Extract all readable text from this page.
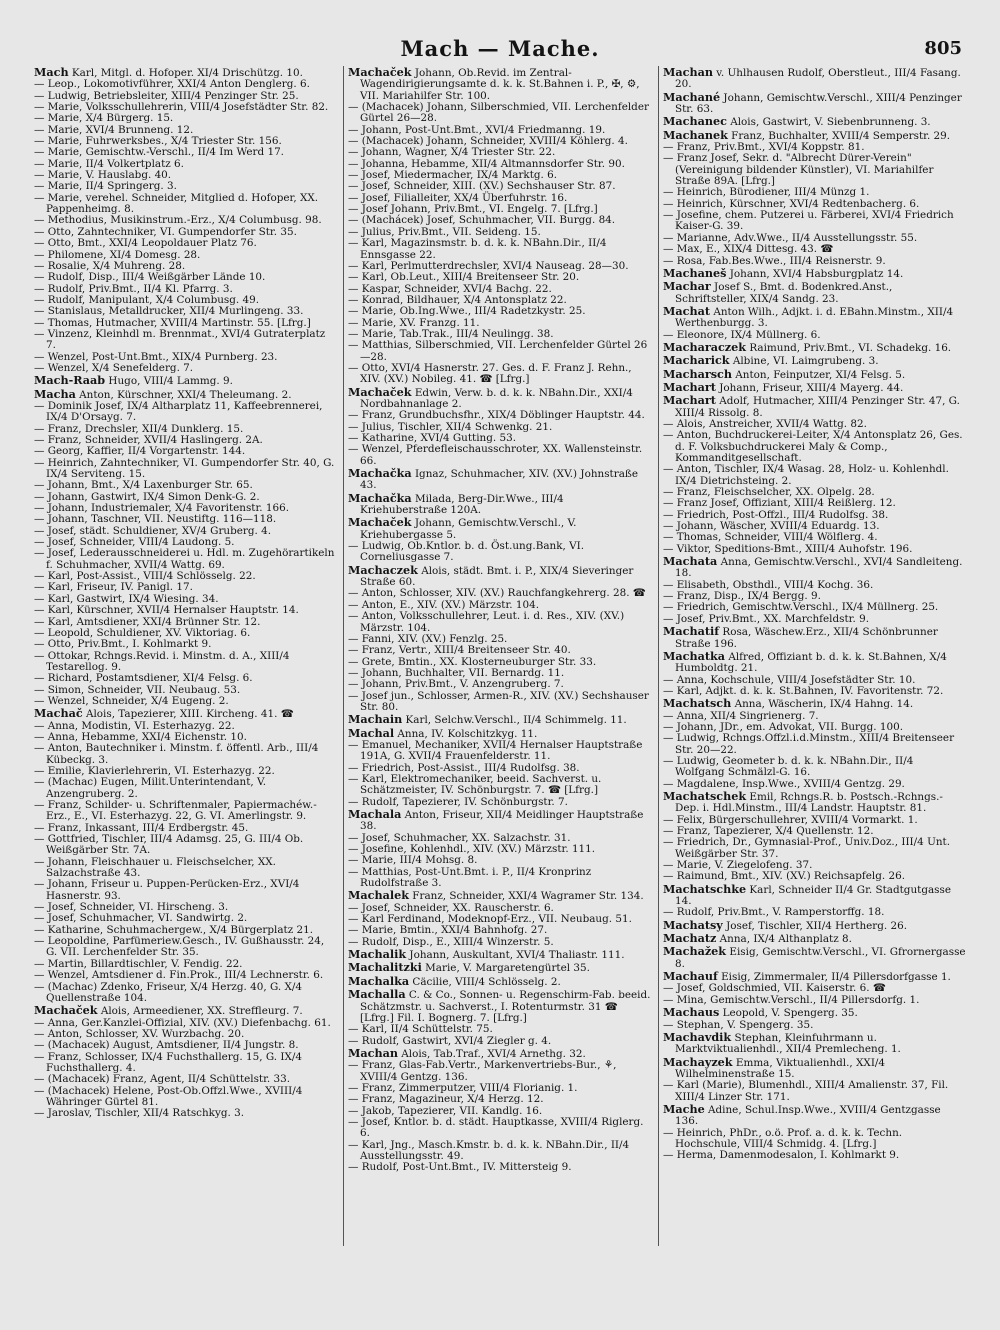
Mach — Mache.	805

Mach Karl, Mitgl. d. Hofoper. XI/4 Drischützg. 10.

— Leop., Lokomotivführer, XXI/4 Anton Denglerg. 6.

— Ludwig, Betriebsleiter, XIII/4 Penzinger Str. 25.

— Marie, Volksschullehrerin, VIII/4 Josefstädter Str. 82.

— Marie, X/4 Bürgerg. 15.

— Marie, XVI/4 Brunneng. 12.

— Marie, Fuhrwerksbes., X/4 Triester Str. 156.

— Marie, Gemischtw.-Verschl., II/4 Im Werd 17.

— Marie, II/4 Volkertplatz 6.

— Marie, V. Hauslabg. 40.

— Marie, II/4 Springerg. 3.

— Marie, verehel. Schneider, Mitglied d. Hofoper, XX. Pappenheimg. 8.

— Methodius, Musikinstrum.-Erz., X/4 Columbusg. 98.

— Otto, Zahntechniker, VI. Gumpendorfer Str. 35.

— Otto, Bmt., XXI/4 Leopoldauer Platz 76.

— Philomene, XI/4 Domesg. 28.

— Rosalie, X/4 Muhreng. 28.

— Rudolf, Disp., III/4 Weißgärber Lände 10.

— Rudolf, Priv.Bmt., II/4 Kl. Pfarrg. 3.

— Rudolf, Manipulant, X/4 Columbusg. 49.

— Stanislaus, Metalldrucker, XII/4 Murlingeng. 33.

— Thomas, Hutmacher, XVIII/4 Martinstr. 55. [Lfrg.]

— Vinzenz, Kleinhdl m. Brennmat., XVI/4 Gutraterplatz 7.

— Wenzel, Post-Unt.Bmt., XIX/4 Purnberg. 23.

— Wenzel, X/4 Senefelderg. 7.

Mach-Raab Hugo, VIII/4 Lammg. 9.

Macha Anton, Kürschner, XXI/4 Theleumang. 2.

— Dominik Josef, IX/4 Altharplatz 11, Kaffeebrennerei, IX/4 D'Orsayg. 7.

— Franz, Drechsler, XII/4 Dunklerg. 15.

— Franz, Schneider, XVII/4 Haslingerg. 2A.

— Georg, Kaffier, II/4 Vorgartenstr. 144.

— Heinrich, Zahntechniker, VI. Gumpendorfer Str. 40, G. IX/4 Serviteng. 15.

— Johann, Bmt., X/4 Laxenburger Str. 65.

— Johann, Gastwirt, IX/4 Simon Denk-G. 2.

— Johann, Industriemaler, X/4 Favoritenstr. 166.

— Johann, Taschner, VII. Neustiftg. 116—118.

— Josef, städt. Schuldiener, XV/4 Gruberg. 4.

— Josef, Schneider, VIII/4 Laudong. 5.

— Josef, Lederausschneiderei u. Hdl. m. Zugehörartikeln f. Schuhmacher, XVII/4 Wattg. 69.

— Karl, Post-Assist., VIII/4 Schlösselg. 22.

— Karl, Friseur, IV. Panigl. 17.

— Karl, Gastwirt, IX/4 Wiesing. 34.

— Karl, Kürschner, XVII/4 Hernalser Hauptstr. 14.

— Karl, Amtsdiener, XXI/4 Brünner Str. 12.

— Leopold, Schuldiener, XV. Viktoriag. 6.

— Otto, Priv.Bmt., I. Kohlmarkt 9.

— Ottokar, Rchngs.Revid. i. Minstm. d. A., XIII/4 Testarellog. 9.

— Richard, Postamtsdiener, XI/4 Felsg. 6.

— Simon, Schneider, VII. Neubaug. 53.

— Wenzel, Schneider, X/4 Eugeng. 2.

Machač Alois, Tapezierer, XIII. Kircheng. 41. ☎

— Anna, Modistin, VI. Esterhazyg. 22.

— Anna, Hebamme, XXI/4 Eichenstr. 10.

— Anton, Bautechniker i. Minstm. f. öffentl. Arb., III/4 Kübeckg. 3.

— Emilie, Klavierlehrerin, VI. Esterhazyg. 22.

— (Machac) Eugen, Milit.Unterintendant, V. Anzengruberg. 2.

— Franz, Schilder- u. Schriftenmaler, Papiermachéw.-Erz., E., VI. Esterhazyg. 22, G. VI. Amerlingstr. 9.

— Franz, Inkassant, III/4 Erdbergstr. 45.

— Gottfried, Tischler, III/4 Adamsg. 25, G. III/4 Ob. Weißgärber Str. 7A.

— Johann, Fleischhauer u. Fleischselcher, XX. Salzachstraße 43.

— Johann, Friseur u. Puppen-Perücken-Erz., XVI/4 Hasnerstr. 93.

— Josef, Schneider, VI. Hirscheng. 3.

— Josef, Schuhmacher, VI. Sandwirtg. 2.

— Katharine, Schuhmachergew., X/4 Bürgerplatz 21.

— Leopoldine, Parfümeriew.Gesch., IV. Gußhausstr. 24, G. VII. Lerchenfelder Str. 35.

— Martin, Billardtischler, V. Fendig. 22.

— Wenzel, Amtsdiener d. Fin.Prok., III/4 Lechnerstr. 6.

— (Machac) Zdenko, Friseur, X/4 Herzg. 40, G. X/4 Quellenstraße 104.

Machaček Alois, Armeediener, XX. Streffleurg. 7.

— Anna, Ger.Kanzlei-Offizial, XIV. (XV.) Diefenbachg. 61.

— Anton, Schlosser, XV. Wurzbachg. 20.

— (Machacek) August, Amtsdiener, II/4 Jungstr. 8.

— Franz, Schlosser, IX/4 Fuchsthallerg. 15, G. IX/4 Fuchsthallerg. 4.

— (Machacek) Franz, Agent, II/4 Schüttelstr. 33.

— (Machacek) Helene, Post-Ob.Offzl.Wwe., XVIII/4 Währinger Gürtel 81.

— Jaroslav, Tischler, XII/4 Ratschkyg. 3.

Machaček Johann, Ob.Revid. im Zentral-Wagendirigierungsamte d. k. k. St.Bahnen i. P., ✠, ⚙, VII. Mariahilfer Str. 100.

— (Machacek) Johann, Silberschmied, VII. Lerchenfelder Gürtel 26—28.

— Johann, Post-Unt.Bmt., XVI/4 Friedmanng. 19.

— (Machacek) Johann, Schneider, XVIII/4 Köhlerg. 4.

— Johann, Wagner, X/4 Triester Str. 22.

— Johanna, Hebamme, XII/4 Altmannsdorfer Str. 90.

— Josef, Miedermacher, IX/4 Marktg. 6.

— Josef, Schneider, XIII. (XV.) Sechshauser Str. 87.

— Josef, Filialleiter, XX/4 Überfuhrstr. 16.

— Josef Johann, Priv.Bmt., VI. Engelg. 7. [Lfrg.]

— (Machácek) Josef, Schuhmacher, VII. Burgg. 84.

— Julius, Priv.Bmt., VII. Seideng. 15.

— Karl, Magazinsmstr. b. d. k. k. NBahn.Dir., II/4 Ennsgasse 22.

— Karl, Perlmutterdrechsler, XVI/4 Nauseag. 28—30.

— Karl, Ob.Leut., XIII/4 Breitenseer Str. 20.

— Kaspar, Schneider, XVI/4 Bachg. 22.

— Konrad, Bildhauer, X/4 Antonsplatz 22.

— Marie, Ob.Ing.Wwe., III/4 Radetzkystr. 25.

— Marie, XV. Franzg. 11.

— Marie, Tab.Trak., III/4 Neulingg. 38.

— Matthias, Silberschmied, VII. Lerchenfelder Gürtel 26—28.

— Otto, XVI/4 Hasnerstr. 27. Ges. d. F. Franz J. Rehn., XIV. (XV.) Nobileg. 41. ☎ [Lfrg.]

Machaček Edwin, Verw. b. d. k. k. NBahn.Dir., XXI/4 Nordbahnanlage 2.

— Franz, Grundbuchsfhr., XIX/4 Döblinger Hauptstr. 44.

— Julius, Tischler, XII/4 Schwenkg. 21.

— Katharine, XVI/4 Gutting. 53.

— Wenzel, Pferdefleischausschroter, XX. Wallensteinstr. 66.

Machačka Ignaz, Schuhmacher, XIV. (XV.) Johnstraße 43.

Machačka Milada, Berg-Dir.Wwe., III/4 Kriehuberstraße 120A.

Machaček Johann, Gemischtw.Verschl., V. Kriehubergasse 5.

— Ludwig, Ob.Kntlor. b. d. Öst.ung.Bank, VI. Corneliusgasse 7.

Machaczek Alois, städt. Bmt. i. P., XIX/4 Sieveringer Straße 60.

— Anton, Schlosser, XIV. (XV.) Rauchfangkehrerg. 28. ☎

— Anton, E., XIV. (XV.) Märzstr. 104.

— Anton, Volksschullehrer, Leut. i. d. Res., XIV. (XV.) Märzstr. 104.

— Fanni, XIV. (XV.) Fenzlg. 25.

— Franz, Vertr., XIII/4 Breitenseer Str. 40.

— Grete, Bmtin., XX. Klosterneuburger Str. 33.

— Johann, Buchhalter, VII. Bernardg. 11.

— Johann, Priv.Bmt., V. Anzengruberg. 7.

— Josef jun., Schlosser, Armen-R., XIV. (XV.) Sechshauser Str. 80.

Machain Karl, Selchw.Verschl., II/4 Schimmelg. 11.

Machal Anna, IV. Kolschitzkyg. 11.

— Emanuel, Mechaniker, XVII/4 Hernalser Hauptstraße 191A, G. XVII/4 Frauenfelderstr. 11.

— Friedrich, Post-Assist., III/4 Rudolfsg. 38.

— Karl, Elektromechaniker, beeid. Sachverst. u. Schätzmeister, IV. Schönburgstr. 7. ☎ [Lfrg.]

— Rudolf, Tapezierer, IV. Schönburgstr. 7.

Machala Anton, Friseur, XII/4 Meidlinger Hauptstraße 38.

— Josef, Schuhmacher, XX. Salzachstr. 31.

— Josefine, Kohlenhdl., XIV. (XV.) Märzstr. 111.

— Marie, III/4 Mohsg. 8.

— Matthias, Post-Unt.Bmt. i. P., II/4 Kronprinz Rudolfstraße 3.

Machalek Franz, Schneider, XXI/4 Wagramer Str. 134.

— Josef, Schneider, XX. Rauscherstr. 6.

— Karl Ferdinand, Modeknopf-Erz., VII. Neubaug. 51.

— Marie, Bmtin., XXI/4 Bahnhofg. 27.

— Rudolf, Disp., E., XIII/4 Winzerstr. 5.

Machalik Johann, Auskultant, XVI/4 Thaliastr. 111.

Machalitzki Marie, V. Margaretengürtel 35.

Machalka Cäcilie, VIII/4 Schlösselg. 2.

Machalla C. & Co., Sonnen- u. Regenschirm-Fab. beeid. Schätzmstr. u. Sachverst., I. Rotenturmstr. 31 ☎ [Lfrg.] Fil. I. Bognerg. 7. [Lfrg.]

— Karl, II/4 Schüttelstr. 75.

— Rudolf, Gastwirt, XVI/4 Ziegler g. 4.

Machan Alois, Tab.Traf., XVI/4 Arnethg. 32.

— Franz, Glas-Fab.Vertr., Markenvertriebs-Bur., ⚘, XVIII/4 Gentzg. 136.

— Franz, Zimmerputzer, VIII/4 Florianig. 1.

— Franz, Magazineur, X/4 Herzg. 12.

— Jakob, Tapezierer, VII. Kandlg. 16.

— Josef, Kntlor. b. d. städt. Hauptkasse, XVIII/4 Riglerg. 6.

— Karl, Jng., Masch.Kmstr. b. d. k. k. NBahn.Dir., II/4 Ausstellungsstr. 49.

— Rudolf, Post-Unt.Bmt., IV. Mittersteig 9.

Machan v. Uhlhausen Rudolf, Oberstleut., III/4 Fasang. 20.

Machané Johann, Gemischtw.Verschl., XIII/4 Penzinger Str. 63.

Machanec Alois, Gastwirt, V. Siebenbrunneng. 3.

Machanek Franz, Buchhalter, XVIII/4 Semperstr. 29.

— Franz, Priv.Bmt., XVI/4 Koppstr. 81.

— Franz Josef, Sekr. d. "Albrecht Dürer-Verein" (Vereinigung bildender Künstler), VI. Mariahilfer Straße 89A. [Lfrg.]

— Heinrich, Bürodiener, III/4 Münzg 1.

— Heinrich, Kürschner, XVI/4 Redtenbacherg. 6.

— Josefine, chem. Putzerei u. Färberei, XVI/4 Friedrich Kaiser-G. 39.

— Marianne, Adv.Wwe., II/4 Ausstellungsstr. 55.

— Max, E., XIX/4 Dittesg. 43. ☎

— Rosa, Fab.Bes.Wwe., III/4 Reisnerstr. 9.

Machaneš Johann, XVI/4 Habsburgplatz 14.

Machar Josef S., Bmt. d. Bodenkred.Anst., Schriftsteller, XIX/4 Sandg. 23.

Machat Anton Wilh., Adjkt. i. d. EBahn.Minstm., XII/4 Werthenburgg. 3.

— Eleonore, IX/4 Müllnerg. 6.

Macharaczek Raimund, Priv.Bmt., VI. Schadekg. 16.

Macharick Albine, VI. Laimgrubeng. 3.

Macharsch Anton, Feinputzer, XI/4 Felsg. 5.

Machart Johann, Friseur, XIII/4 Mayerg. 44.

Machart Adolf, Hutmacher, XIII/4 Penzinger Str. 47, G. XIII/4 Rissolg. 8.

— Alois, Anstreicher, XVII/4 Wattg. 82.

— Anton, Buchdruckerei-Leiter, X/4 Antonsplatz 26, Ges. d. F. Volksbuchdruckerei Maly & Comp., Kommanditgesellschaft.

— Anton, Tischler, IX/4 Wasag. 28, Holz- u. Kohlenhdl. IX/4 Dietrichsteing. 2.

— Franz, Fleischselcher, XX. Olpelg. 28.

— Franz Josef, Offiziant, XIII/4 Reißlerg. 12.

— Friedrich, Post-Offzl., III/4 Rudolfsg. 38.

— Johann, Wäscher, XVIII/4 Eduardg. 13.

— Thomas, Schneider, VIII/4 Wölflerg. 4.

— Viktor, Speditions-Bmt., XIII/4 Auhofstr. 196.

Machata Anna, Gemischtw.Verschl., XVI/4 Sandleiteng. 18.

— Elisabeth, Obsthdl., VIII/4 Kochg. 36.

— Franz, Disp., IX/4 Bergg. 9.

— Friedrich, Gemischtw.Verschl., IX/4 Müllnerg. 25.

— Josef, Priv.Bmt., XX. Marchfeldstr. 9.

Machatif Rosa, Wäschew.Erz., XII/4 Schönbrunner Straße 196.

Machatka Alfred, Offiziant b. d. k. k. St.Bahnen, X/4 Humboldtg. 21.

— Anna, Kochschule, VIII/4 Josefstädter Str. 10.

— Karl, Adjkt. d. k. k. St.Bahnen, IV. Favoritenstr. 72.

Machatsch Anna, Wäscherin, IX/4 Hahng. 14.

— Anna, XII/4 Singrienerg. 7.

— Johann, JDr., em. Advokat, VII. Burgg. 100.

— Ludwig, Rchngs.Offzl.i.d.Minstm., XIII/4 Breitenseer Str. 20—22.

— Ludwig, Geometer b. d. k. k. NBahn.Dir., II/4 Wolfgang Schmälzl-G. 16.

— Magdalene, Insp.Wwe., XVIII/4 Gentzg. 29.

Machatschek Emil, Rchngs.R. b. Postsch.-Rchngs.-Dep. i. Hdl.Minstm., III/4 Landstr. Hauptstr. 81.

— Felix, Bürgerschullehrer, XVIII/4 Vormarkt. 1.

— Franz, Tapezierer, X/4 Quellenstr. 12.

— Friedrich, Dr., Gymnasial-Prof., Univ.Doz., III/4 Unt. Weißgärber Str. 37.

— Marie, V. Ziegelofeng. 37.

— Raimund, Bmt., XIV. (XV.) Reichsapfelg. 26.

Machatschke Karl, Schneider II/4 Gr. Stadtgutgasse 14.

— Rudolf, Priv.Bmt., V. Ramperstorffg. 18.

Machatsy Josef, Tischler, XII/4 Hertherg. 26.

Machatz Anna, IX/4 Althanplatz 8.

Machažek Eisig, Gemischtw.Verschl., VI. Gfrornergasse 8.

Machauf Eisig, Zimmermaler, II/4 Pillersdorfgasse 1.

— Josef, Goldschmied, VII. Kaiserstr. 6. ☎

— Mina, Gemischtw.Verschl., II/4 Pillersdorfg. 1.

Machaus Leopold, V. Spengerg. 35.

— Stephan, V. Spengerg. 35.

Machavdik Stephan, Kleinfuhrmann u. Marktviktualienhdl., XII/4 Premlecheng. 1.

Machayzek Emma, Viktualienhdl., XXI/4 Wilhelminenstraße 15.

— Karl (Marie), Blumenhdl., XIII/4 Amalienstr. 37, Fil. XIII/4 Linzer Str. 171.

Mache Adine, Schul.Insp.Wwe., XVIII/4 Gentzgasse 136.

— Heinrich, PhDr., o.ö. Prof. a. d. k. k. Techn. Hochschule, VIII/4 Schmidg. 4. [Lfrg.]

— Herma, Damenmodesalon, I. Kohlmarkt 9.
